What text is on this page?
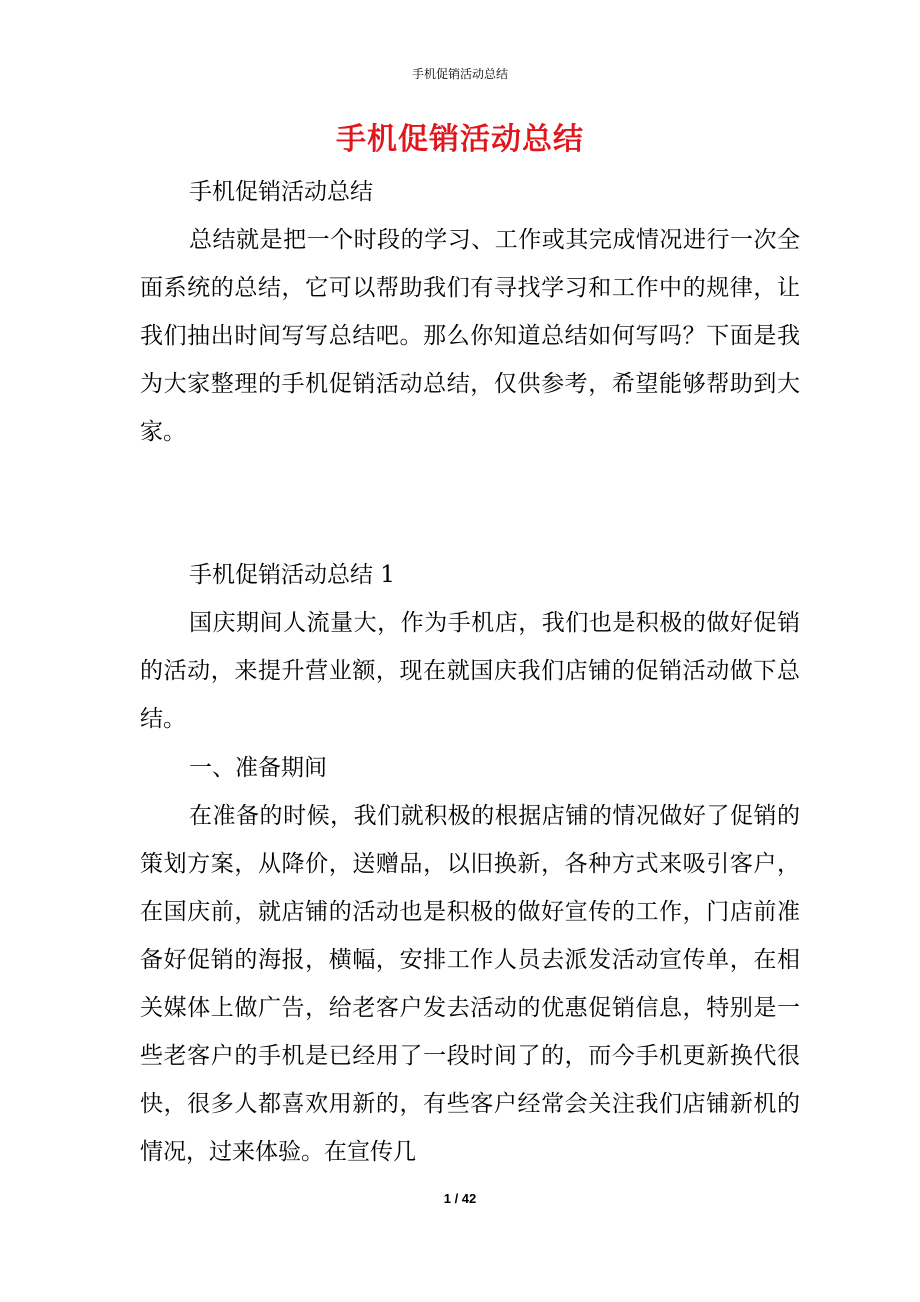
手机促销活动总结
手机促销活动总结

手机促销活动总结

总结就是把一个时段的学习、工作或其完成情况进行一次全面系统的总结，它可以帮助我们有寻找学习和工作中的规律，让我们抽出时间写写总结吧。那么你知道总结如何写吗？下面是我为大家整理的手机促销活动总结，仅供参考，希望能够帮助到大家。

手机促销活动总结 1

国庆期间人流量大，作为手机店，我们也是积极的做好促销的活动，来提升营业额，现在就国庆我们店铺的促销活动做下总结。

一、准备期间

在准备的时候，我们就积极的根据店铺的情况做好了促销的策划方案，从降价，送赠品，以旧换新，各种方式来吸引客户，在国庆前，就店铺的活动也是积极的做好宣传的工作，门店前准备好促销的海报，横幅，安排工作人员去派发活动宣传单，在相关媒体上做广告，给老客户发去活动的优惠促销信息，特别是一些老客户的手机是已经用了一段时间了的，而今手机更新换代很快，很多人都喜欢用新的，有些客户经常会关注我们店铺新机的情况，过来体验。在宣传几

1 / 42
